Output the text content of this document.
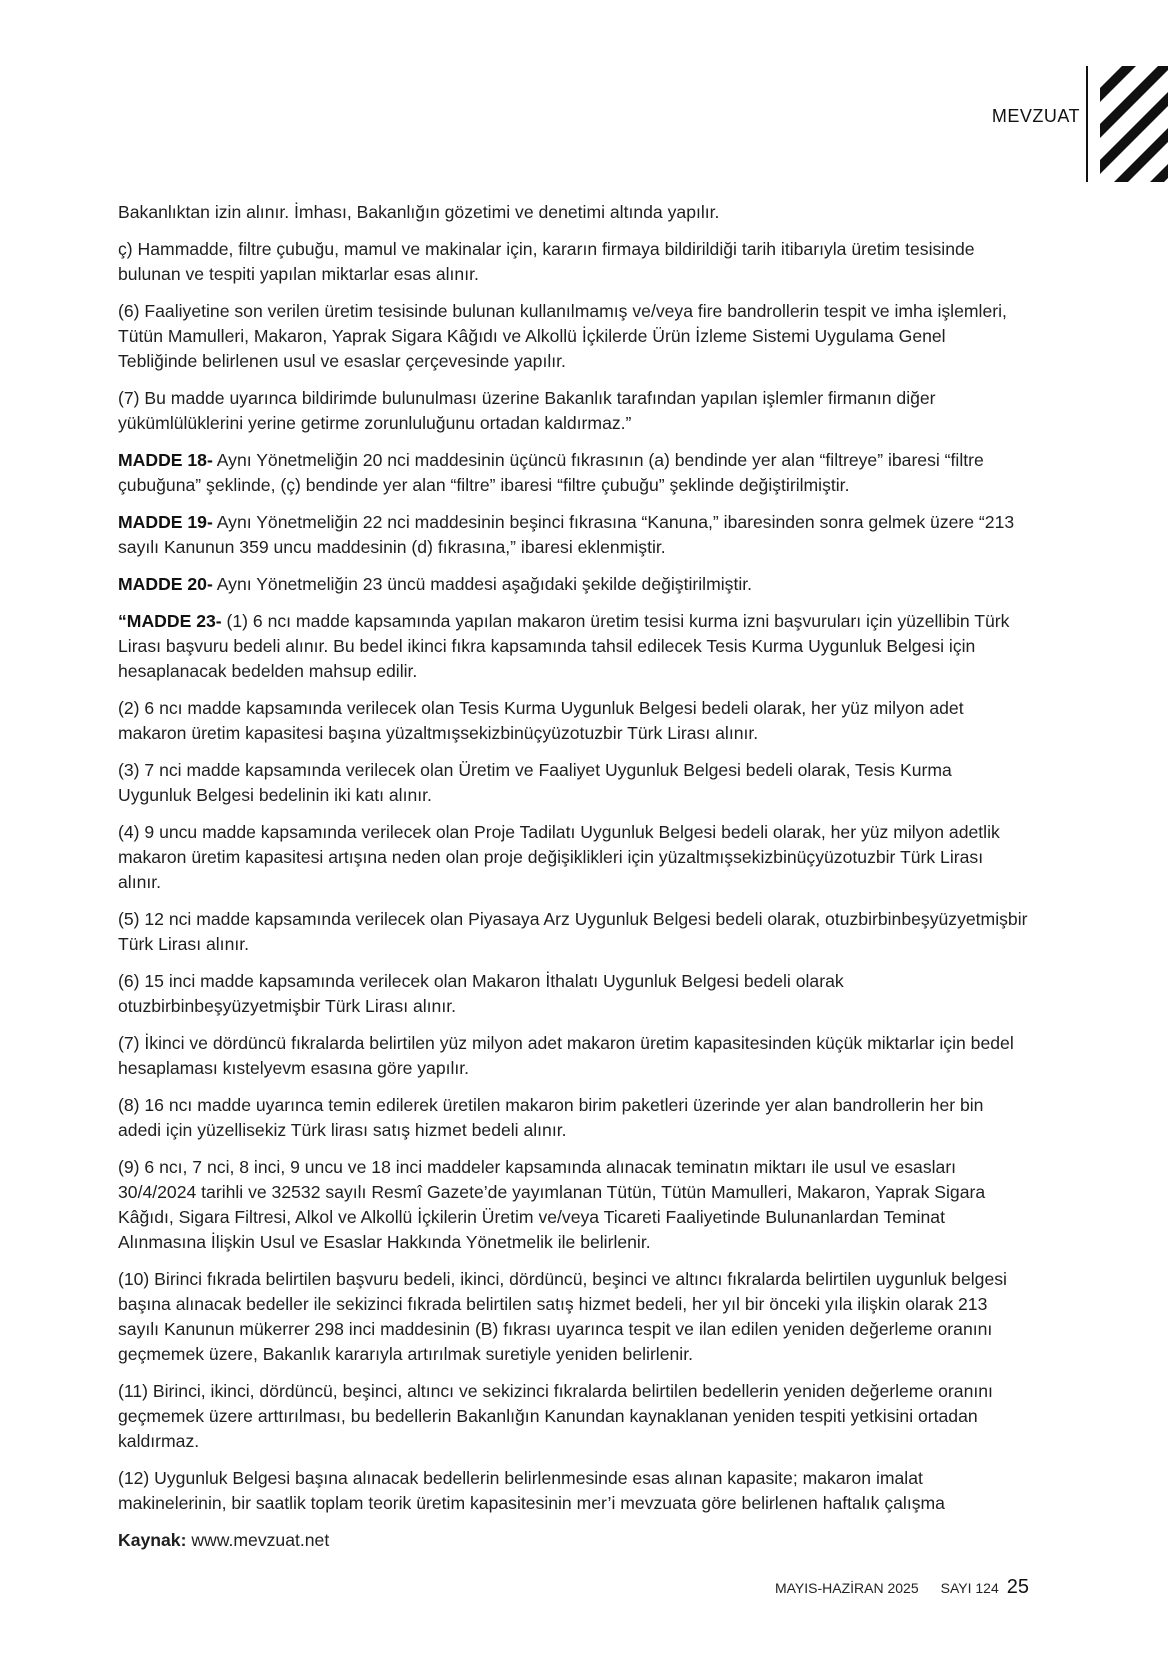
MEVZUAT

Bakanlıktan izin alınır. İmhası, Bakanlığın gözetimi ve denetimi altında yapılır.

ç) Hammadde, filtre çubuğu, mamul ve makinalar için, kararın firmaya bildirildiği tarih itibarıyla üretim tesisinde bulunan ve tespiti yapılan miktarlar esas alınır.

(6) Faaliyetine son verilen üretim tesisinde bulunan kullanılmamış ve/veya fire bandrollerin tespit ve imha işlemleri, Tütün Mamulleri, Makaron, Yaprak Sigara Kâğıdı ve Alkollü İçkilerde Ürün İzleme Sistemi Uygulama Genel Tebliğinde belirlenen usul ve esaslar çerçevesinde yapılır.

(7) Bu madde uyarınca bildirimde bulunulması üzerine Bakanlık tarafından yapılan işlemler firmanın diğer yükümlülüklerini yerine getirme zorunluluğunu ortadan kaldırmaz.”

MADDE 18- Aynı Yönetmeliğin 20 nci maddesinin üçüncü fıkrasının (a) bendinde yer alan “filtreye” ibaresi “filtre çubuğuna” şeklinde, (ç) bendinde yer alan “filtre” ibaresi “filtre çubuğu” şeklinde değiştirilmiştir.

MADDE 19- Aynı Yönetmeliğin 22 nci maddesinin beşinci fıkrasına “Kanuna,” ibaresinden sonra gelmek üzere “213 sayılı Kanunun 359 uncu maddesinin (d) fıkrasına,” ibaresi eklenmiştir.

MADDE 20- Aynı Yönetmeliğin 23 üncü maddesi aşağıdaki şekilde değiştirilmiştir.

“MADDE 23- (1) 6 ncı madde kapsamında yapılan makaron üretim tesisi kurma izni başvuruları için yüzellibin Türk Lirası başvuru bedeli alınır. Bu bedel ikinci fıkra kapsamında tahsil edilecek Tesis Kurma Uygunluk Belgesi için hesaplanacak bedelden mahsup edilir.

(2) 6 ncı madde kapsamında verilecek olan Tesis Kurma Uygunluk Belgesi bedeli olarak, her yüz milyon adet makaron üretim kapasitesi başına yüzaltmışsekizbinüçyüzotuzbir Türk Lirası alınır.

(3) 7 nci madde kapsamında verilecek olan Üretim ve Faaliyet Uygunluk Belgesi bedeli olarak, Tesis Kurma Uygunluk Belgesi bedelinin iki katı alınır.

(4) 9 uncu madde kapsamında verilecek olan Proje Tadilatı Uygunluk Belgesi bedeli olarak, her yüz milyon adetlik makaron üretim kapasitesi artışına neden olan proje değişiklikleri için yüzaltmışsekizbinüçyüzotuzbir Türk Lirası alınır.

(5) 12 nci madde kapsamında verilecek olan Piyasaya Arz Uygunluk Belgesi bedeli olarak, otuzbirbinbeşyüzyetmişbir Türk Lirası alınır.

(6) 15 inci madde kapsamında verilecek olan Makaron İthalatı Uygunluk Belgesi bedeli olarak otuzbirbinbeşyüzyetmişbir Türk Lirası alınır.

(7) İkinci ve dördüncü fıkralarda belirtilen yüz milyon adet makaron üretim kapasitesinden küçük miktarlar için bedel hesaplaması kıstelyevm esasına göre yapılır.

(8) 16 ncı madde uyarınca temin edilerek üretilen makaron birim paketleri üzerinde yer alan bandrollerin her bin adedi için yüzellisekiz Türk lirası satış hizmet bedeli alınır.

(9) 6 ncı, 7 nci, 8 inci, 9 uncu ve 18 inci maddeler kapsamında alınacak teminatın miktarı ile usul ve esasları 30/4/2024 tarihli ve 32532 sayılı Resmî Gazete’de yayımlanan Tütün, Tütün Mamulleri, Makaron, Yaprak Sigara Kâğıdı, Sigara Filtresi, Alkol ve Alkollü İçkilerin Üretim ve/veya Ticareti Faaliyetinde Bulunanlardan Teminat Alınmasına İlişkin Usul ve Esaslar Hakkında Yönetmelik ile belirlenir.

(10) Birinci fıkrada belirtilen başvuru bedeli, ikinci, dördüncü, beşinci ve altıncı fıkralarda belirtilen uygunluk belgesi başına alınacak bedeller ile sekizinci fıkrada belirtilen satış hizmet bedeli, her yıl bir önceki yıla ilişkin olarak 213 sayılı Kanunun mükerrer 298 inci maddesinin (B) fıkrası uyarınca tespit ve ilan edilen yeniden değerleme oranını geçmemek üzere, Bakanlık kararıyla artırılmak suretiyle yeniden belirlenir.

(11) Birinci, ikinci, dördüncü, beşinci, altıncı ve sekizinci fıkralarda belirtilen bedellerin yeniden değerleme oranını geçmemek üzere arttırılması, bu bedellerin Bakanlığın Kanundan kaynaklanan yeniden tespiti yetkisini ortadan kaldırmaz.

(12) Uygunluk Belgesi başına alınacak bedellerin belirlenmesinde esas alınan kapasite; makaron imalat makinelerinin, bir saatlik toplam teorik üretim kapasitesinin mer’i mevzuata göre belirlenen haftalık çalışma

Kaynak: www.mevzuat.net
MAYIS-HAZİRAN 2025 SAYI 124 25
